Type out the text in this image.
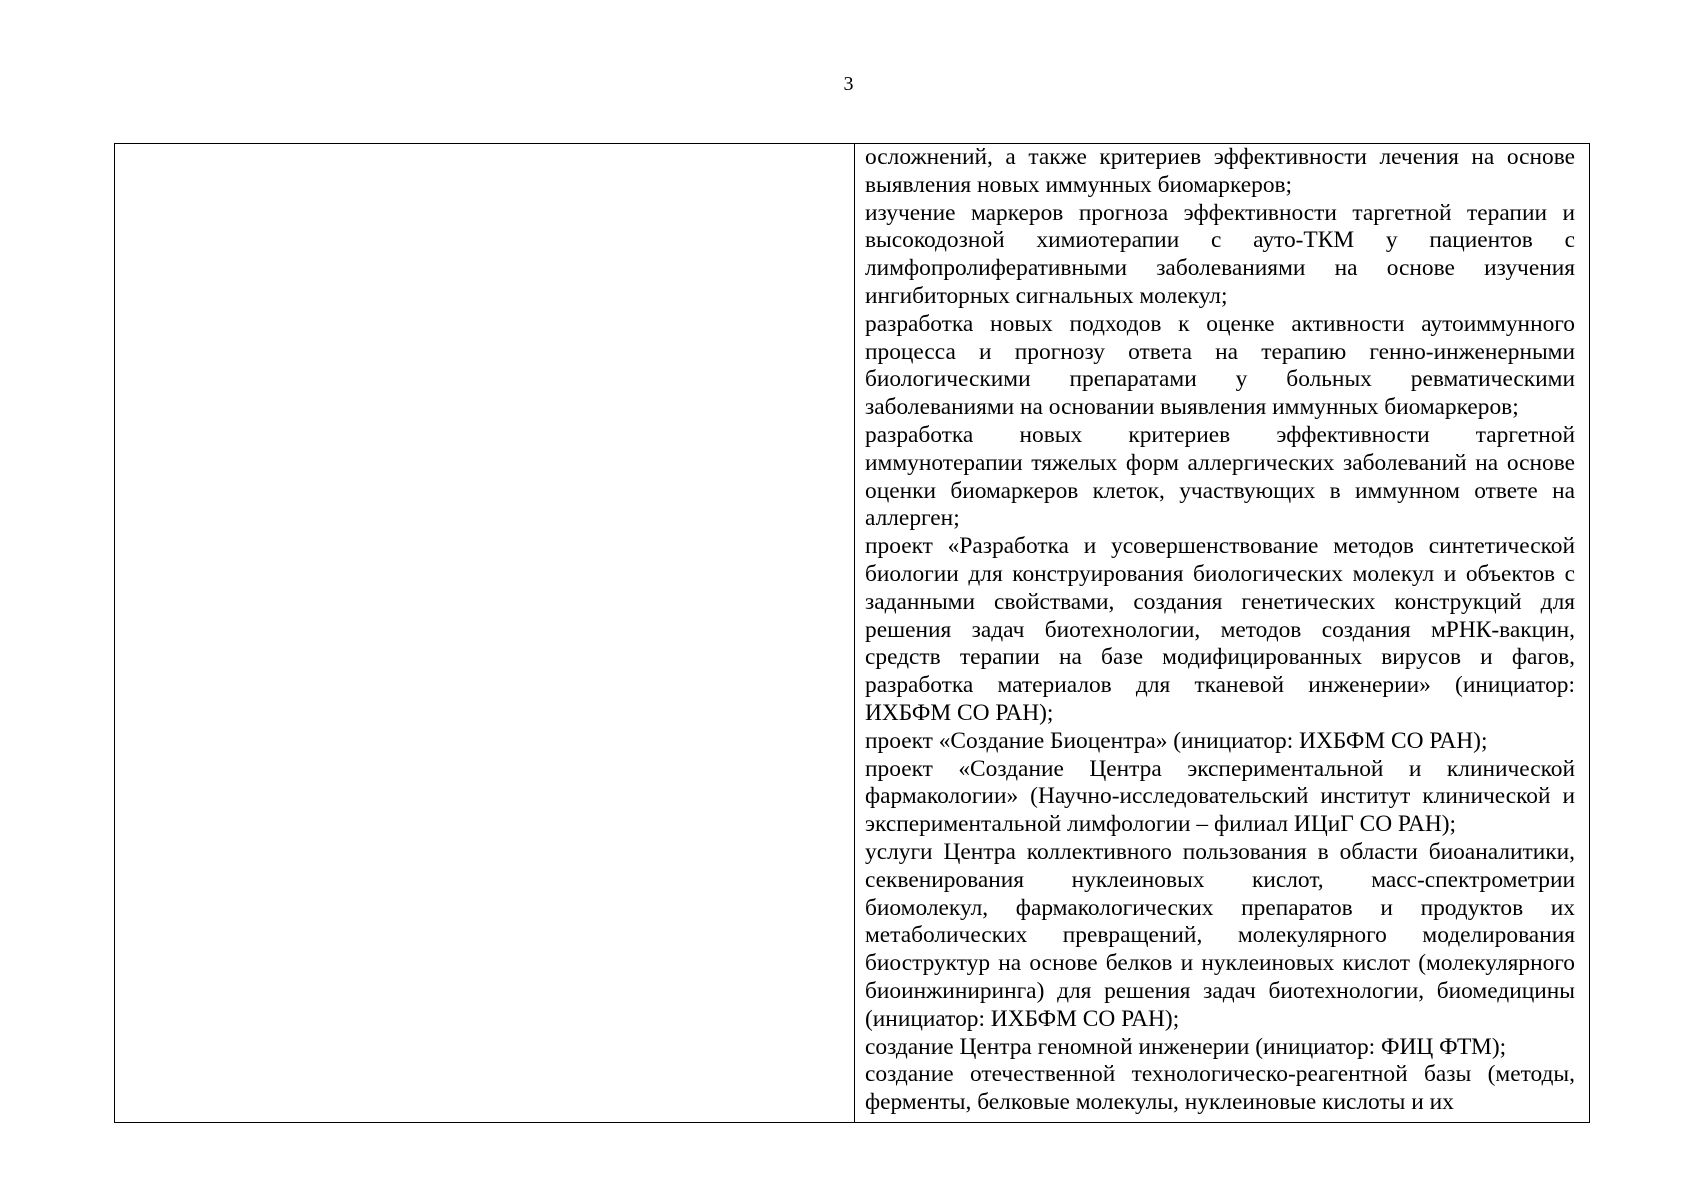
3

осложнений, а также критериев эффективности лечения на основе выявления новых иммунных биомаркеров;

изучение маркеров прогноза эффективности таргетной терапии и высокодозной химиотерапии с ауто-ТКМ у пациентов с лимфопролиферативными заболеваниями на основе изучения ингибиторных сигнальных молекул;

разработка новых подходов к оценке активности аутоиммунного процесса и прогнозу ответа на терапию генно-инженерными биологическими препаратами у больных ревматическими заболеваниями на основании выявления иммунных биомаркеров;

разработка новых критериев эффективности таргетной иммунотерапии тяжелых форм аллергических заболеваний на основе оценки биомаркеров клеток, участвующих в иммунном ответе на аллерген;

проект «Разработка и усовершенствование методов синтетической биологии для конструирования биологических молекул и объектов с заданными свойствами, создания генетических конструкций для решения задач биотехнологии, методов создания мРНК-вакцин, средств терапии на базе модифицированных вирусов и фагов, разработка материалов для тканевой инженерии» (инициатор: ИХБФМ СО РАН);

проект «Создание Биоцентра» (инициатор: ИХБФМ СО РАН);

проект «Создание Центра экспериментальной и клинической фармакологии» (Научно-исследовательский институт клинической и экспериментальной лимфологии – филиал ИЦиГ СО РАН);

услуги Центра коллективного пользования в области биоаналитики, секвенирования нуклеиновых кислот, масс-спектрометрии биомолекул, фармакологических препаратов и продуктов их метаболических превращений, молекулярного моделирования биоструктур на основе белков и нуклеиновых кислот (молекулярного биоинжиниринга) для решения задач биотехнологии, биомедицины (инициатор: ИХБФМ СО РАН);

создание Центра геномной инженерии (инициатор: ФИЦ ФТМ);

создание отечественной технологическо-реагентной базы (методы, ферменты, белковые молекулы, нуклеиновые кислоты и их
